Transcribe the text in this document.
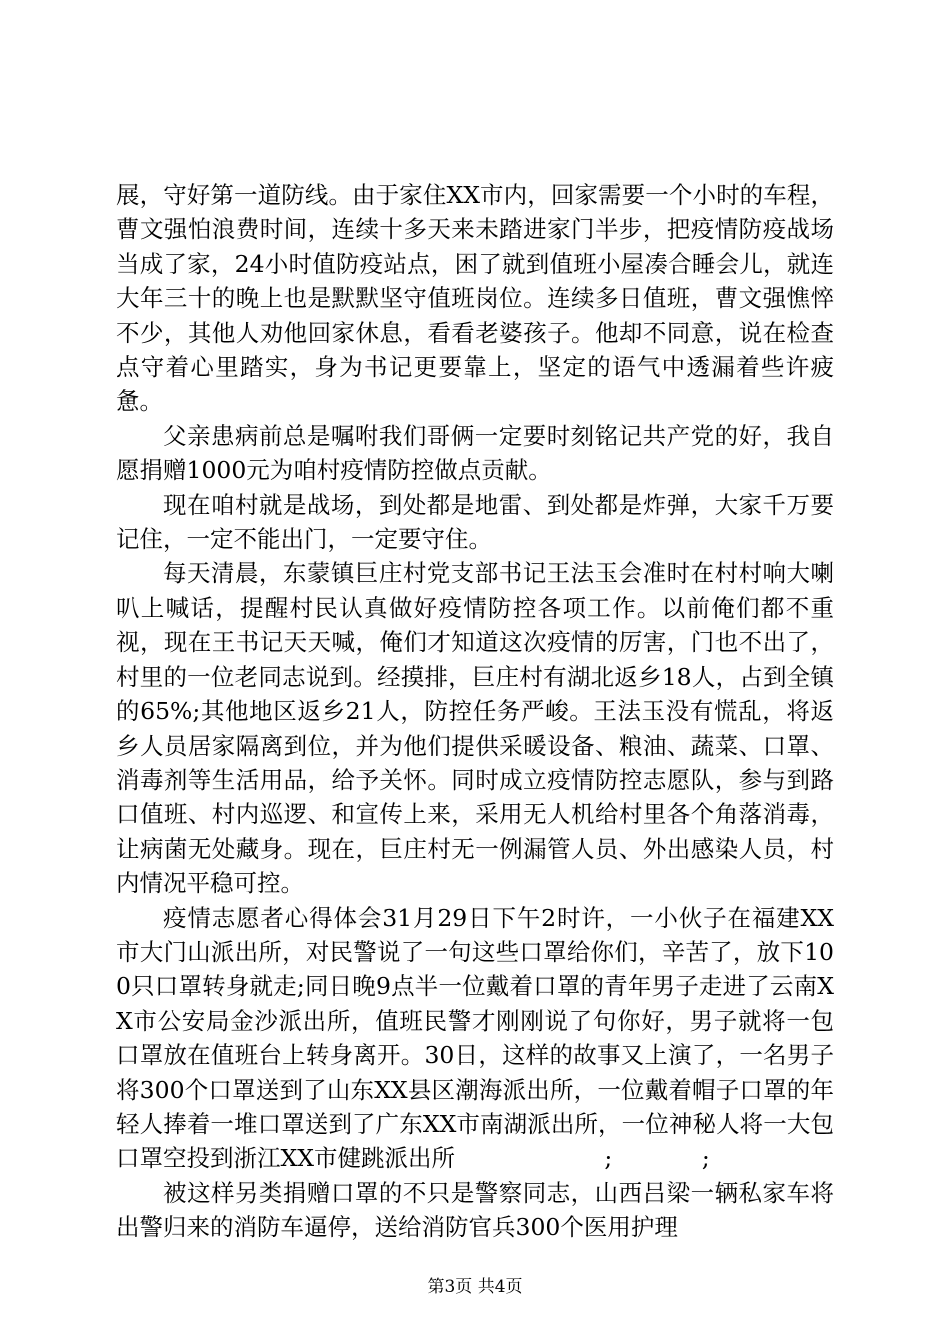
展，守好第一道防线。由于家住XX市内，回家需要一个小时的车程，曹文强怕浪费时间，连续十多天来未踏进家门半步，把疫情防疫战场当成了家，24小时值防疫站点，困了就到值班小屋凑合睡会儿，就连大年三十的晚上也是默默坚守值班岗位。连续多日值班，曹文强憔悴不少，其他人劝他回家休息，看看老婆孩子。他却不同意，说在检查点守着心里踏实，身为书记更要靠上，坚定的语气中透漏着些许疲惫。

父亲患病前总是嘱咐我们哥俩一定要时刻铭记共产党的好，我自愿捐赠1000元为咱村疫情防控做点贡献。

现在咱村就是战场，到处都是地雷、到处都是炸弹，大家千万要记住，一定不能出门，一定要守住。

每天清晨，东蒙镇巨庄村党支部书记王法玉会准时在村村响大喇叭上喊话，提醒村民认真做好疫情防控各项工作。以前俺们都不重视，现在王书记天天喊，俺们才知道这次疫情的厉害，门也不出了，村里的一位老同志说到。经摸排，巨庄村有湖北返乡18人，占到全镇的65%;其他地区返乡21人，防控任务严峻。王法玉没有慌乱，将返乡人员居家隔离到位，并为他们提供采暖设备、粮油、蔬菜、口罩、消毒剂等生活用品，给予关怀。同时成立疫情防控志愿队，参与到路口值班、村内巡逻、和宣传上来，采用无人机给村里各个角落消毒，让病菌无处藏身。现在，巨庄村无一例漏管人员、外出感染人员，村内情况平稳可控。

疫情志愿者心得体会31月29日下午2时许，一小伙子在福建XX市大门山派出所，对民警说了一句这些口罩给你们，辛苦了，放下100只口罩转身就走;同日晚9点半一位戴着口罩的青年男子走进了云南XX市公安局金沙派出所，值班民警才刚刚说了句你好，男子就将一包口罩放在值班台上转身离开。30日，这样的故事又上演了，一名男子将300个口罩送到了山东XX县区潮海派出所，一位戴着帽子口罩的年轻人捧着一堆口罩送到了广东XX市南湖派出所，一位神秘人将一大包口罩空投到浙江XX市健跳派出所                    ;            ;

被这样另类捐赠口罩的不只是警察同志，山西吕梁一辆私家车将出警归来的消防车逼停，送给消防官兵300个医用护理

第3页 共4页
